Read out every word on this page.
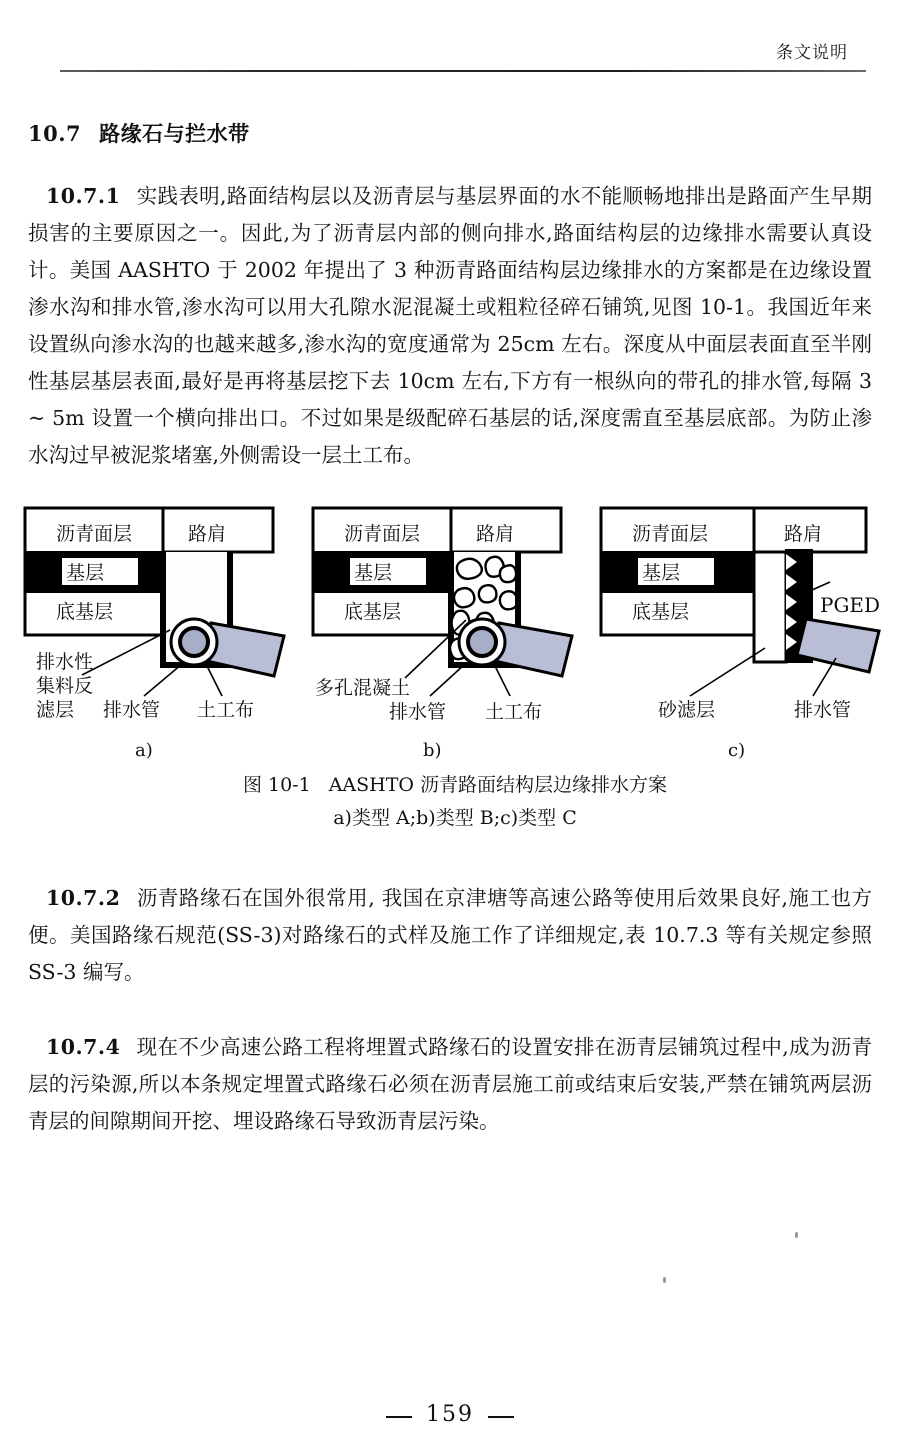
条文说明
10.7 路缘石与拦水带

10.7.1 实践表明,路面结构层以及沥青层与基层界面的水不能顺畅地排出是路面产生早期损害的主要原因之一。因此,为了沥青层内部的侧向排水,路面结构层的边缘排水需要认真设计。美国 AASHTO 于 2002 年提出了 3 种沥青路面结构层边缘排水的方案都是在边缘设置渗水沟和排水管,渗水沟可以用大孔隙水泥混凝土或粗粒径碎石铺筑,见图 10-1。我国近年来设置纵向渗水沟的也越来越多,渗水沟的宽度通常为 25cm 左右。深度从中面层表面直至半刚性基层基层表面,最好是再将基层挖下去 10cm 左右,下方有一根纵向的带孔的排水管,每隔 3 ~ 5m 设置一个横向排出口。不过如果是级配碎石基层的话,深度需直至基层底部。为防止渗水沟过早被泥浆堵塞,外侧需设一层土工布。

排水性
集料反
滤层 排水管 土工布
沥青面层
基层
底基层
路肩
a)
多孔混凝土
排水管 土工布
沥青面层
基层
底基层
路肩
b)
PGED
砂滤层	排水管
沥青面层
基层
底基层
路肩
c)
图 10-1 AASHTO 沥青路面结构层边缘排水方案
a)类型 A;b)类型 B;c)类型 C

10.7.2 沥青路缘石在国外很常用, 我国在京津塘等高速公路等使用后效果良好,施工也方便。美国路缘石规范(SS-3)对路缘石的式样及施工作了详细规定,表 10.7.3 等有关规定参照 SS-3 编写。

10.7.4 现在不少高速公路工程将埋置式路缘石的设置安排在沥青层铺筑过程中,成为沥青层的污染源,所以本条规定埋置式路缘石必须在沥青层施工前或结束后安装,严禁在铺筑两层沥青层的间隙期间开挖、埋设路缘石导致沥青层污染。

159
